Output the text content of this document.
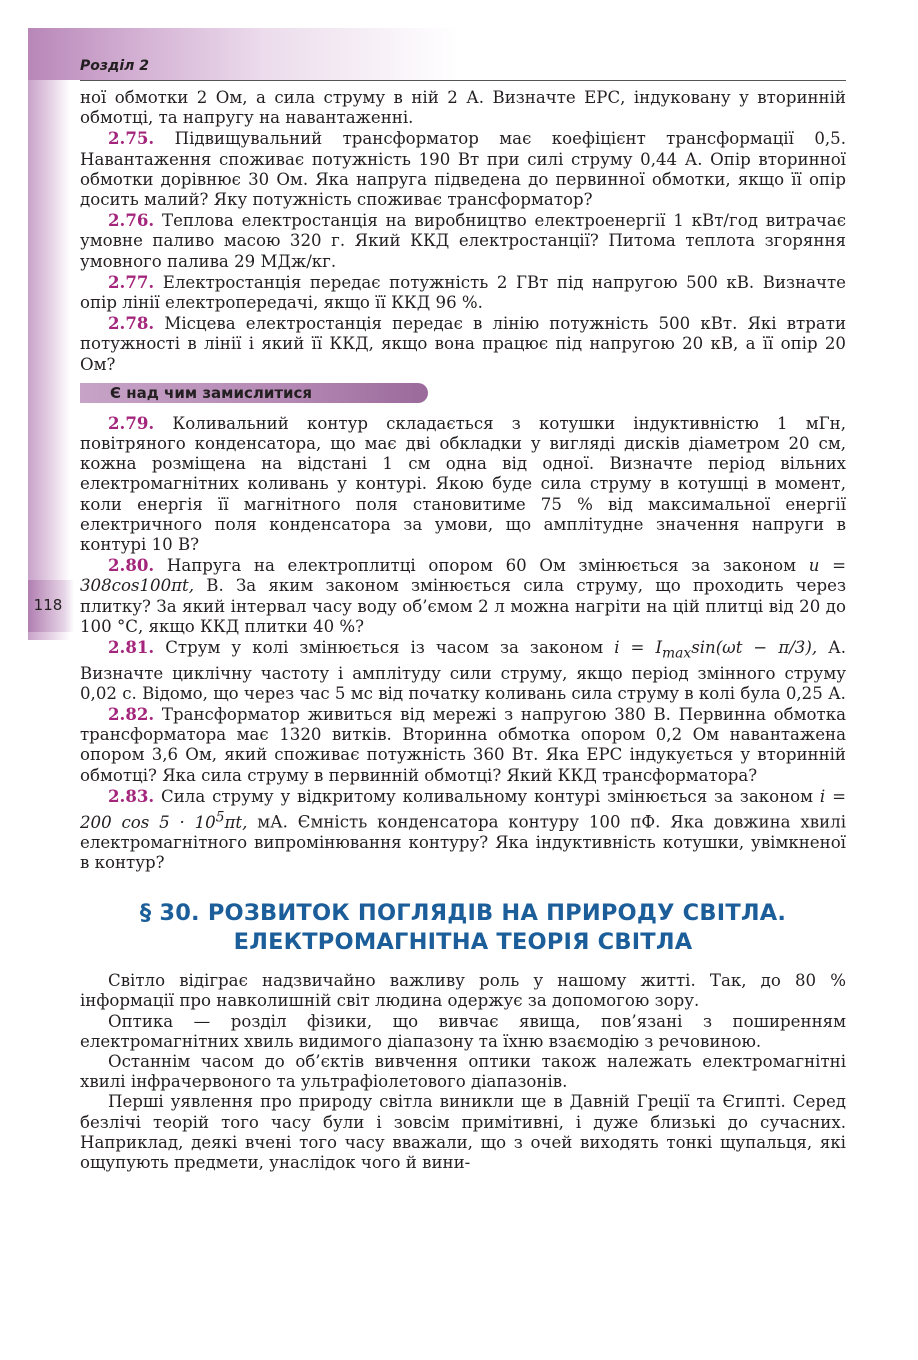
118
Розділ 2

ної обмотки 2 Ом, а сила струму в ній 2 А. Визначте ЕРС, індуковану у вторинній обмотці, та напругу на навантаженні.

2.75. Підвищувальний трансформатор має коефіцієнт трансформації 0,5. Навантаження споживає потужність 190 Вт при силі струму 0,44 А. Опір вторинної обмотки дорівнює 30 Ом. Яка напруга підведена до первинної обмотки, якщо її опір досить малий? Яку потужність споживає трансформатор?

2.76. Теплова електростанція на виробництво електроенергії 1 кВт/год витрачає умовне паливо масою 320 г. Який ККД електростанції? Питома теплота згоряння умовного палива 29 МДж/кг.

2.77. Електростанція передає потужність 2 ГВт під напругою 500 кВ. Визначте опір лінії електропередачі, якщо її ККД 96 %.

2.78. Місцева електростанція передає в лінію потужність 500 кВт. Які втрати потужності в лінії і який її ККД, якщо вона працює під напругою 20 кВ, а її опір 20 Ом?

Є над чим замислитися

2.79. Коливальний контур складається з котушки індуктивністю 1 мГн, повітряного конденсатора, що має дві обкладки у вигляді дисків діаметром 20 см, кожна розміщена на відстані 1 см одна від одної. Визначте період вільних електромагнітних коливань у контурі. Якою буде сила струму в котушці в момент, коли енергія її магнітного поля становитиме 75 % від максимальної енергії електричного поля конденсатора за умови, що амплітудне значення напруги в контурі 10 В?

2.80. Напруга на електроплитці опором 60 Ом змінюється за законом u = 308cos100πt, В. За яким законом змінюється сила струму, що проходить через плитку? За який інтервал часу воду об’ємом 2 л можна нагріти на цій плитці від 20 до 100 °С, якщо ККД плитки 40 %?

2.81. Струм у колі змінюється із часом за законом $i = I_{max}\sin(\omega t - \pi/3)$, А. Визначте циклічну частоту і амплітуду сили струму, якщо період змінного струму 0,02 с. Відомо, що через час 5 мс від початку коливань сила струму в колі була 0,25 А.

2.82. Трансформатор живиться від мережі з напругою 380 В. Первинна обмотка трансформатора має 1320 витків. Вторинна обмотка опором 0,2 Ом навантажена опором 3,6 Ом, який споживає потужність 360 Вт. Яка ЕРС індукується у вторинній обмотці? Яка сила струму в первинній обмотці? Який ККД трансформатора?

2.83. Сила струму у відкритому коливальному контурі змінюється за законом i = 200 $\cos 5 \cdot 10^5\pi t$, мА. Ємність конденсатора контуру 100 пФ. Яка довжина хвилі електромагнітного випромінювання контуру? Яка індуктивність котушки, увімкненої в контур?

§ 30. РОЗВИТОК ПОГЛЯДІВ НА ПРИРОДУ СВІТЛА.
ЕЛЕКТРОМАГНІТНА ТЕОРІЯ СВІТЛА

Світло відіграє надзвичайно важливу роль у нашому житті. Так, до 80 % інформації про навколишній світ людина одержує за допомогою зору.

Оптика — розділ фізики, що вивчає явища, пов’язані з поширенням електромагнітних хвиль видимого діапазону та їхню взаємодію з речовиною.

Останнім часом до об’єктів вивчення оптики також належать електромагнітні хвилі інфрачервоного та ультрафіолетового діапазонів.

Перші уявлення про природу світла виникли ще в Давній Греції та Єгипті. Серед безлічі теорій того часу були і зовсім примітивні, і дуже близькі до сучасних. Наприклад, деякі вчені того часу вважали, що з очей виходять тонкі щупальця, які ощупують предмети, унаслідок чого й вини-
